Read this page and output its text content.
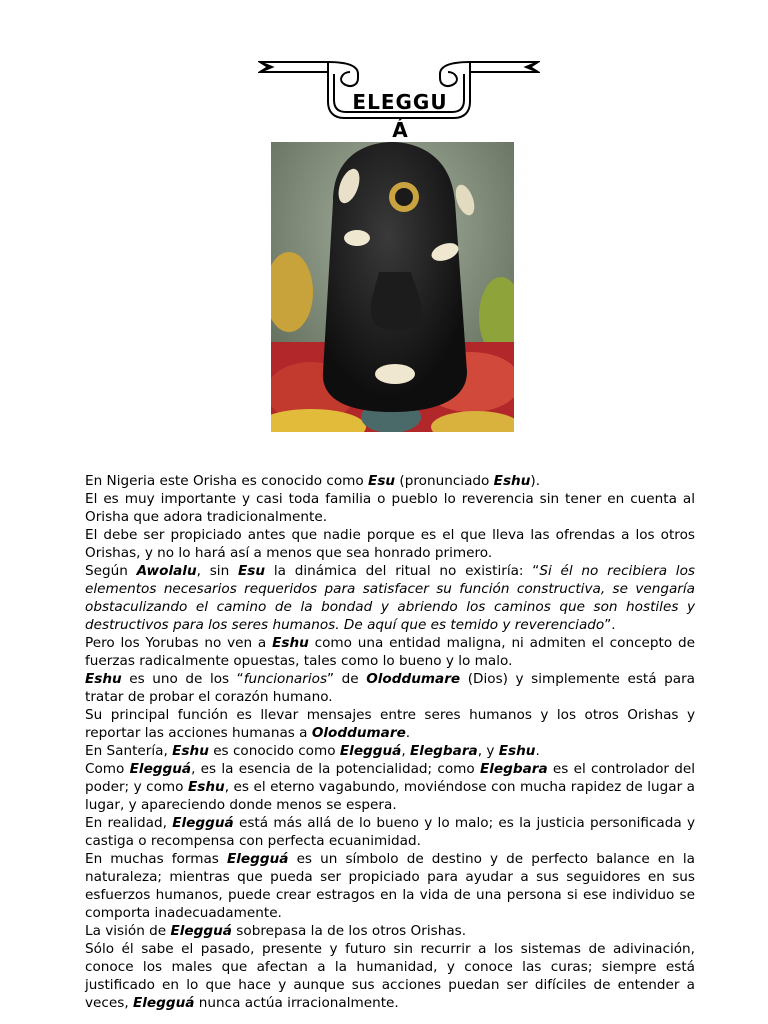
ELEGGU
Á

En Nigeria este Orisha es conocido como Esu (pronunciado Eshu).

El es muy importante y casi toda familia o pueblo lo reverencia sin tener en cuenta al Orisha que adora tradicionalmente.

El debe ser propiciado antes que nadie porque es el que lleva las ofrendas a los otros Orishas, y no lo hará así a menos que sea honrado primero.

Según Awolalu, sin Esu la dinámica del ritual no existiría: “Si él no recibiera los elementos necesarios requeridos para satisfacer su función constructiva, se vengaría obstaculizando el camino de la bondad y abriendo los caminos que son hostiles y destructivos para los seres humanos. De aquí que es temido y reverenciado”.

Pero los Yorubas no ven a Eshu como una entidad maligna, ni admiten el concepto de fuerzas radicalmente opuestas, tales como lo bueno y lo malo.

Eshu es uno de los “funcionarios” de Oloddumare (Dios) y simplemente está para tratar de probar el corazón humano.

Su principal función es llevar mensajes entre seres humanos y los otros Orishas y reportar las acciones humanas a Oloddumare.

En Santería, Eshu es conocido como Elegguá, Elegbara, y Eshu.

Como Elegguá, es la esencia de la potencialidad; como Elegbara es el controlador del poder; y como Eshu, es el eterno vagabundo, moviéndose con mucha rapidez de lugar a lugar, y apareciendo donde menos se espera.

En realidad, Elegguá está más allá de lo bueno y lo malo; es la justicia personificada y castiga o recompensa con perfecta ecuanimidad.

En muchas formas Elegguá es un símbolo de destino y de perfecto balance en la naturaleza; mientras que pueda ser propiciado para ayudar a sus seguidores en sus esfuerzos humanos, puede crear estragos en la vida de una persona si ese individuo se comporta inadecuadamente.

La visión de Elegguá sobrepasa la de los otros Orishas.

Sólo él sabe el pasado, presente y futuro sin recurrir a los sistemas de adivinación, conoce los males que afectan a la humanidad, y conoce las curas; siempre está justificado en lo que hace y aunque sus acciones puedan ser difíciles de entender a veces, Elegguá nunca actúa irracionalmente.
